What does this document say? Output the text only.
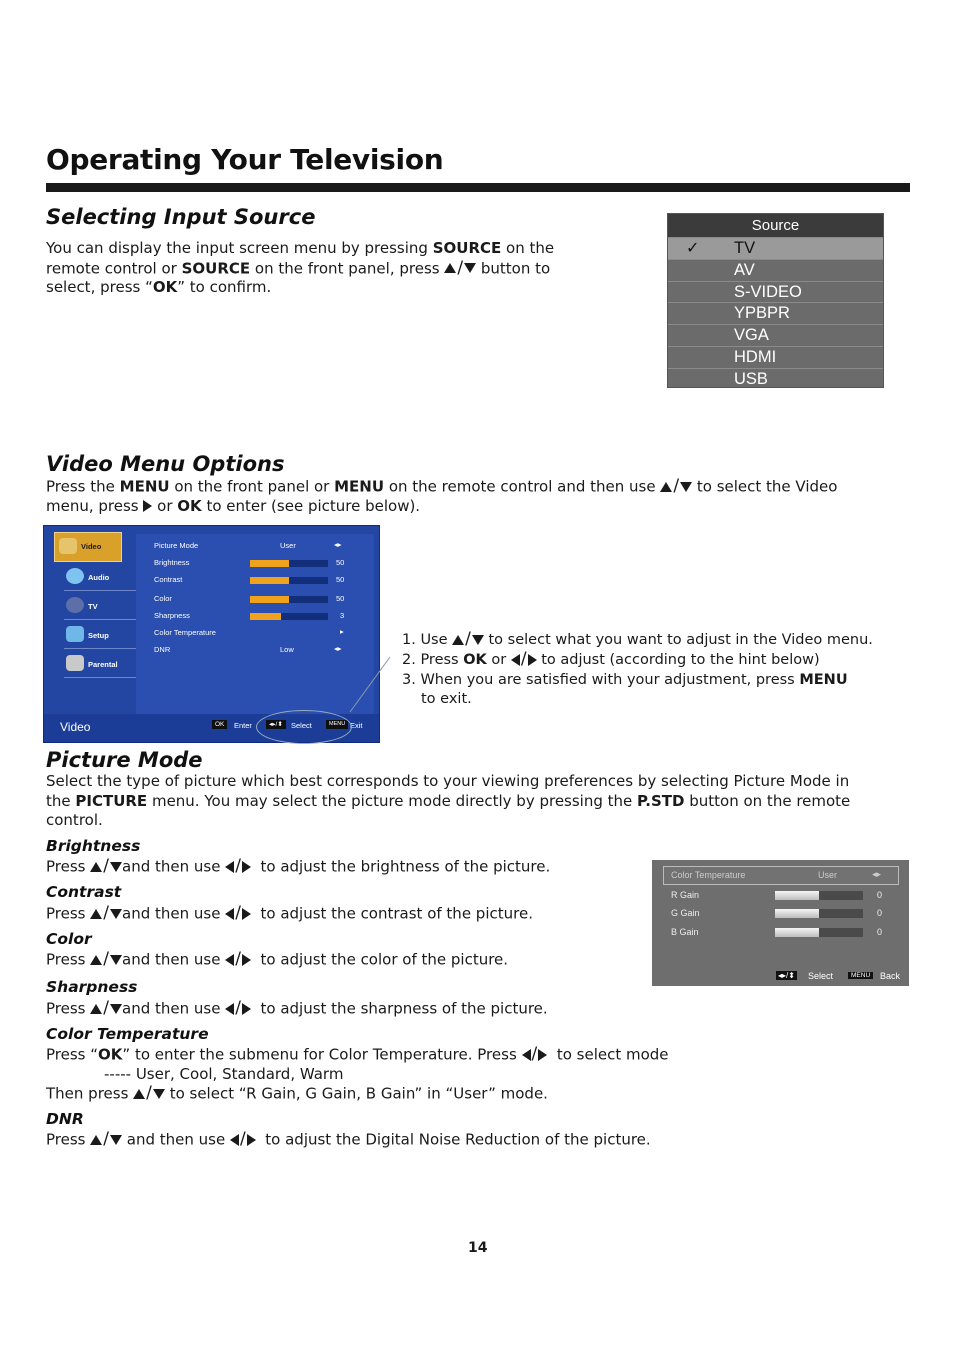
Operating Your Television
Selecting Input Source
You can display the input screen menu by pressing SOURCE on the
remote control or SOURCE on the front panel, press / button to
select, press “OK” to confirm.
Source
✓ TV
AV
S-VIDEO
YPBPR
VGA
HDMI
USB
Video Menu Options
Press the MENU on the front panel or MENU on the remote control and then use / to select the Video
menu, press or OK to enter (see picture below).
Video
Audio
TV
Setup
Parental
Picture Mode	User	◂▸
Brightness	50
Contrast	50
Color	50
Sharpness	3
Color Temperature	▸
DNR	Low	◂▸
Video	OK	Enter	◂▸/⬍	Select	MENU Exit
1. Use / to select what you want to adjust in the Video menu.
2. Press OK or / to adjust (according to the hint below)
3. When you are satisfied with your adjustment, press MENU
to exit.
Picture Mode
Select the type of picture which best corresponds to your viewing preferences by selecting Picture Mode in
the PICTURE menu. You may select the picture mode directly by pressing the P.STD button on the remote
control.
Brightness
Press / and then use / to adjust the brightness of the picture.
Contrast
Press / and then use / to adjust the contrast of the picture.
Color
Press / and then use / to adjust the color of the picture.
Sharpness
Press / and then use / to adjust the sharpness of the picture.
Color Temperature
Press “OK” to enter the submenu for Color Temperature. Press / to select mode
----- User, Cool, Standard, Warm
Then press / to select “R Gain, G Gain, B Gain” in “User” mode.
DNR
Press / and then use / to adjust the Digital Noise Reduction of the picture.
Color Temperature	User	◂▸
R Gain	0
G Gain	0
B Gain	0
◂▸/⬍ Select	MENU	Back
14
